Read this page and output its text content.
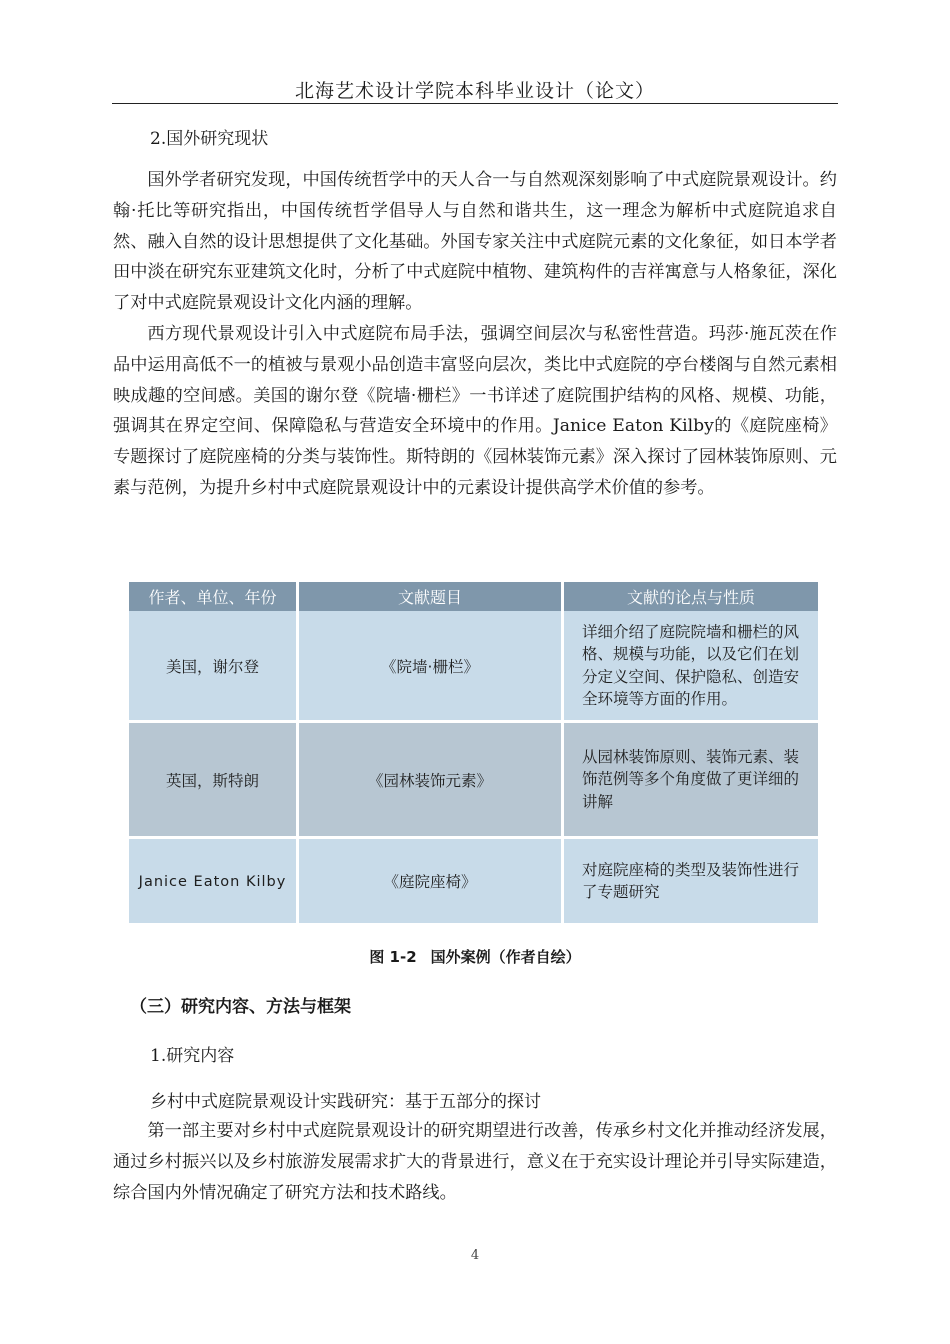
北海艺术设计学院本科毕业设计（论文）
2.国外研究现状

国外学者研究发现，中国传统哲学中的天人合一与自然观深刻影响了中式庭院景观设计。约翰·托比等研究指出，中国传统哲学倡导人与自然和谐共生，这一理念为解析中式庭院追求自然、融入自然的设计思想提供了文化基础。外国专家关注中式庭院元素的文化象征，如日本学者田中淡在研究东亚建筑文化时，分析了中式庭院中植物、建筑构件的吉祥寓意与人格象征，深化了对中式庭院景观设计文化内涵的理解。

西方现代景观设计引入中式庭院布局手法，强调空间层次与私密性营造。玛莎·施瓦茨在作品中运用高低不一的植被与景观小品创造丰富竖向层次，类比中式庭院的亭台楼阁与自然元素相映成趣的空间感。美国的谢尔登《院墙·栅栏》一书详述了庭院围护结构的风格、规模、功能，强调其在界定空间、保障隐私与营造安全环境中的作用。Janice Eaton Kilby的《庭院座椅》专题探讨了庭院座椅的分类与装饰性。斯特朗的《园林装饰元素》深入探讨了园林装饰原则、元素与范例，为提升乡村中式庭院景观设计中的元素设计提供高学术价值的参考。

作者、单位、年份	文献题目	文献的论点与性质
美国，谢尔登	《院墙·栅栏》	详细介绍了庭院院墙和栅栏的风格、规模与功能，以及它们在划分定义空间、保护隐私、创造安全环境等方面的作用。
英国，斯特朗	《园林装饰元素》	从园林装饰原则、装饰元素、装饰范例等多个角度做了更详细的讲解
Janice Eaton Kilby	《庭院座椅》	对庭院座椅的类型及装饰性进行了专题研究
图 1-2 国外案例（作者自绘）
（三）研究内容、方法与框架
1.研究内容
乡村中式庭院景观设计实践研究：基于五部分的探讨

第一部主要对乡村中式庭院景观设计的研究期望进行改善，传承乡村文化并推动经济发展，通过乡村振兴以及乡村旅游发展需求扩大的背景进行，意义在于充实设计理论并引导实际建造，综合国内外情况确定了研究方法和技术路线。

4
